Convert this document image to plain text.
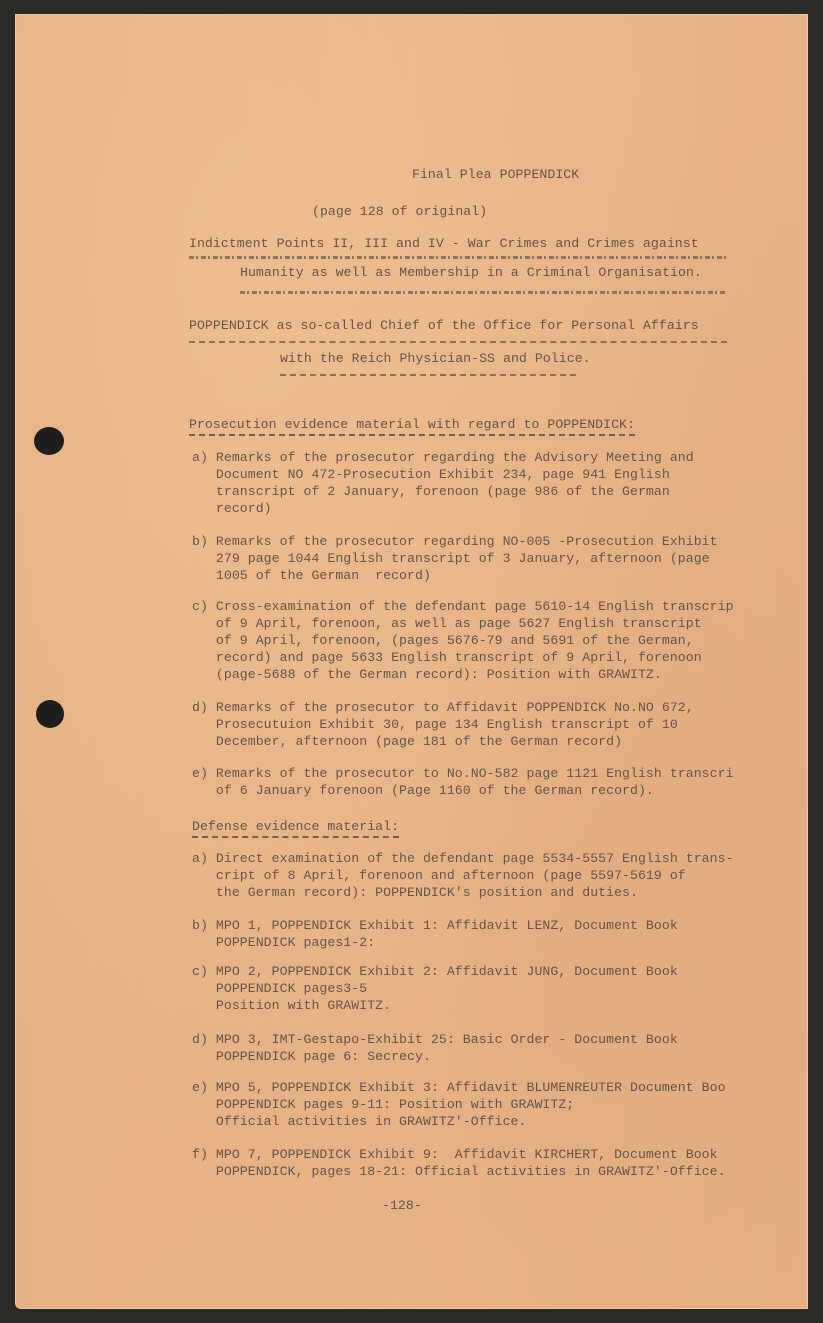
Final Plea POPPENDICK
(page 128 of original)
Indictment Points II, III and IV - War Crimes and Crimes against
Humanity as well as Membership in a Criminal Organisation.
POPPENDICK as so-called Chief of the Office for Personal Affairs
with the Reich Physician-SS and Police.
Prosecution evidence material with regard to POPPENDICK:
a) Remarks of the prosecutor regarding the Advisory Meeting and
Document NO 472-Prosecution Exhibit 234, page 941 English
transcript of 2 January, forenoon (page 986 of the German
record)
b) Remarks of the prosecutor regarding NO-005 -Prosecution Exhibit
279 page 1044 English transcript of 3 January, afternoon (page
1005 of the German  record)
c) Cross-examination of the defendant page 5610-14 English transcrip
of 9 April, forenoon, as well as page 5627 English transcript
of 9 April, forenoon, (pages 5676-79 and 5691 of the German,
record) and page 5633 English transcript of 9 April, forenoon
(page-5688 of the German record): Position with GRAWITZ.
d) Remarks of the prosecutor to Affidavit POPPENDICK No.NO 672,
Prosecutuion Exhibit 30, page 134 English transcript of 10
December, afternoon (page 181 of the German record)
e) Remarks of the prosecutor to No.NO-582 page 1121 English transcri
of 6 January forenoon (Page 1160 of the German record).
Defense evidence material:
a) Direct examination of the defendant page 5534-5557 English trans-
cript of 8 April, forenoon and afternoon (page 5597-5619 of
the German record): POPPENDICK's position and duties.
b) MPO 1, POPPENDICK Exhibit 1: Affidavit LENZ, Document Book
POPPENDICK pages1-2:
c) MPO 2, POPPENDICK Exhibit 2: Affidavit JUNG, Document Book
POPPENDICK pages3-5
Position with GRAWITZ.
d) MPO 3, IMT-Gestapo-Exhibit 25: Basic Order - Document Book
POPPENDICK page 6: Secrecy.
e) MPO 5, POPPENDICK Exhibit 3: Affidavit BLUMENREUTER Document Boo
POPPENDICK pages 9-11: Position with GRAWITZ;
Official activities in GRAWITZ'-Office.
f) MPO 7, POPPENDICK Exhibit 9:  Affidavit KIRCHERT, Document Book
POPPENDICK, pages 18-21: Official activities in GRAWITZ'-Office.
-128-
